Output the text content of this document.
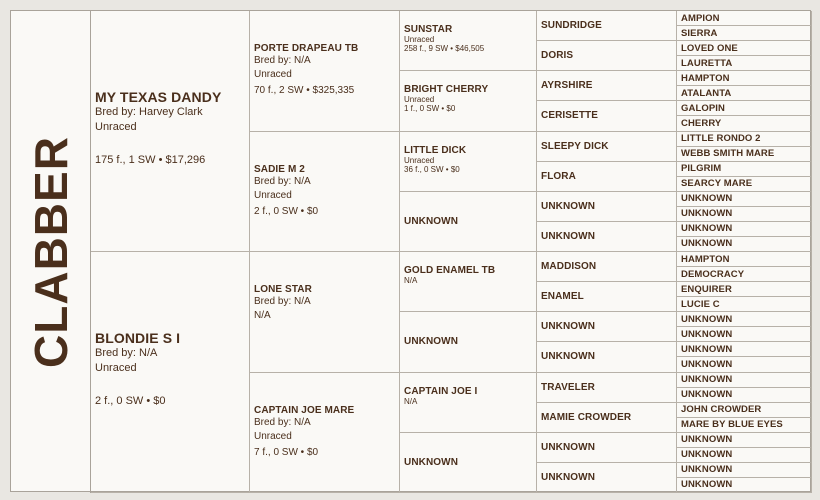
CLABBER
MY TEXAS DANDY
Bred by: Harvey Clark
Unraced
175 f., 1 SW • $17,296
BLONDIE S I
Bred by: N/A
Unraced
2 f., 0 SW • $0
PORTE DRAPEAU TB
Bred by: N/A
Unraced
70 f., 2 SW • $325,335
SADIE M 2
Bred by: N/A
Unraced
2 f., 0 SW • $0
LONE STAR
Bred by: N/A
N/A
CAPTAIN JOE MARE
Bred by: N/A
Unraced
7 f., 0 SW • $0
SUNSTAR
Unraced
258 f., 9 SW • $46,505
BRIGHT CHERRY
Unraced
1 f., 0 SW • $0
LITTLE DICK
Unraced
36 f., 0 SW • $0
UNKNOWN
GOLD ENAMEL TB
N/A
UNKNOWN
CAPTAIN JOE I
N/A
UNKNOWN
SUNDRIDGE
DORIS
AYRSHIRE
CERISETTE
SLEEPY DICK
FLORA
UNKNOWN
UNKNOWN
MADDISON
ENAMEL
UNKNOWN
UNKNOWN
TRAVELER
MAMIE CROWDER
UNKNOWN
UNKNOWN
AMPION
SIERRA
LOVED ONE
LAURETTA
HAMPTON
ATALANTA
GALOPIN
CHERRY
LITTLE RONDO 2
WEBB SMITH MARE
PILGRIM
SEARCY MARE
UNKNOWN
UNKNOWN
UNKNOWN
UNKNOWN
HAMPTON
DEMOCRACY
ENQUIRER
LUCIE C
UNKNOWN
UNKNOWN
UNKNOWN
UNKNOWN
UNKNOWN
UNKNOWN
JOHN CROWDER
MARE BY BLUE EYES
UNKNOWN
UNKNOWN
UNKNOWN
UNKNOWN
